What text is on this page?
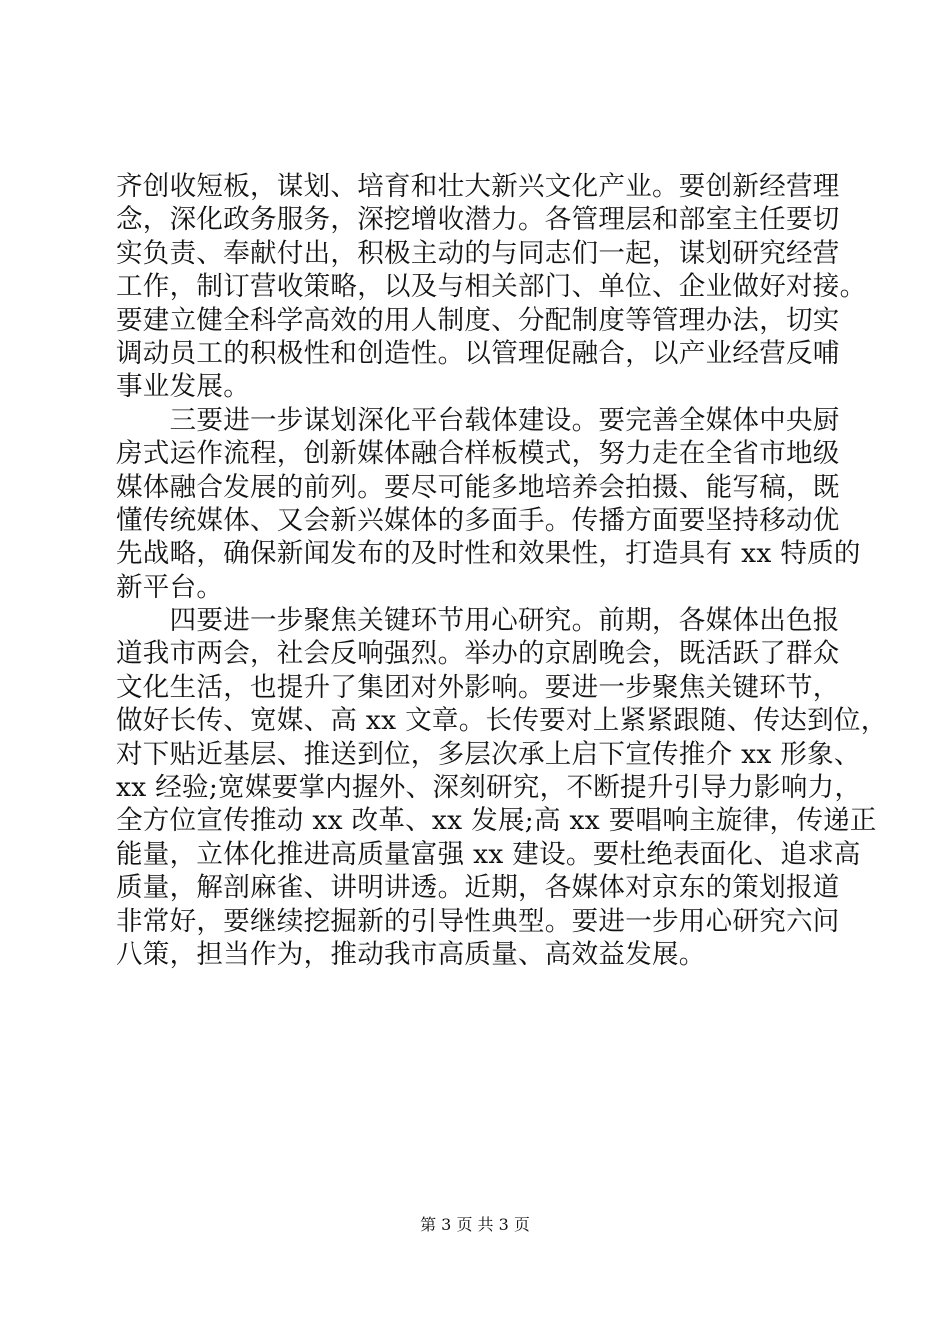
齐创收短板，谋划、培育和壮大新兴文化产业。要创新经营理
念，深化政务服务，深挖增收潜力。各管理层和部室主任要切
实负责、奉献付出，积极主动的与同志们一起，谋划研究经营
工作，制订营收策略，以及与相关部门、单位、企业做好对接。
要建立健全科学高效的用人制度、分配制度等管理办法，切实
调动员工的积极性和创造性。以管理促融合，以产业经营反哺
事业发展。
　　三要进一步谋划深化平台载体建设。要完善全媒体中央厨
房式运作流程，创新媒体融合样板模式，努力走在全省市地级
媒体融合发展的前列。要尽可能多地培养会拍摄、能写稿，既
懂传统媒体、又会新兴媒体的多面手。传播方面要坚持移动优
先战略，确保新闻发布的及时性和效果性，打造具有 xx 特质的
新平台。
　　四要进一步聚焦关键环节用心研究。前期，各媒体出色报
道我市两会，社会反响强烈。举办的京剧晚会，既活跃了群众
文化生活，也提升了集团对外影响。要进一步聚焦关键环节，
做好长传、宽媒、高 xx 文章。长传要对上紧紧跟随、传达到位，
对下贴近基层、推送到位，多层次承上启下宣传推介 xx 形象、
xx 经验;宽媒要掌内握外、深刻研究，不断提升引导力影响力，
全方位宣传推动 xx 改革、xx 发展;高 xx 要唱响主旋律，传递正
能量，立体化推进高质量富强 xx 建设。要杜绝表面化、追求高
质量，解剖麻雀、讲明讲透。近期，各媒体对京东的策划报道
非常好，要继续挖掘新的引导性典型。要进一步用心研究六问
八策，担当作为，推动我市高质量、高效益发展。
第 3 页 共 3 页
